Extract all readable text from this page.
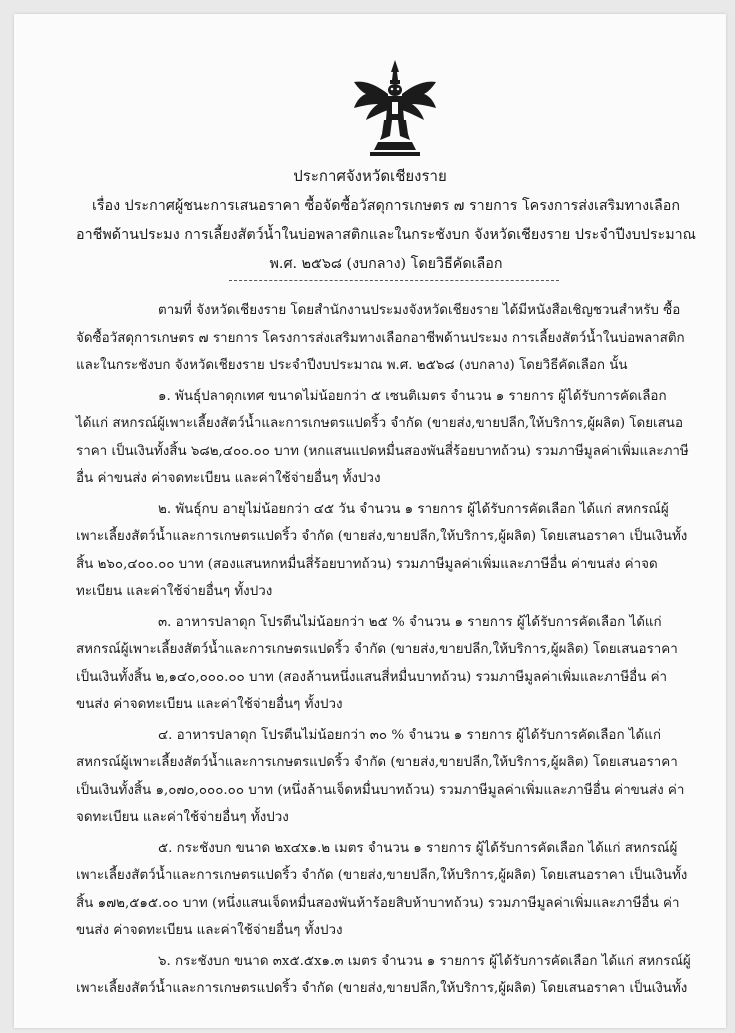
ประกาศจังหวัดเชียงราย
เรื่อง ประกาศผู้ชนะการเสนอราคา ซื้อจัดซื้อวัสดุการเกษตร ๗ รายการ โครงการส่งเสริมทางเลือกอาชีพด้านประมง การเลี้ยงสัตว์น้ำในบ่อพลาสติกและในกระชังบก จังหวัดเชียงราย ประจำปีงบประมาณ พ.ศ. ๒๕๖๘ (งบกลาง) โดยวิธีคัดเลือก

ตามที่ จังหวัดเชียงราย โดยสำนักงานประมงจังหวัดเชียงราย ได้มีหนังสือเชิญชวนสำหรับ ซื้อจัดซื้อวัสดุการเกษตร ๗ รายการ โครงการส่งเสริมทางเลือกอาชีพด้านประมง การเลี้ยงสัตว์น้ำในบ่อพลาสติกและในกระชังบก จังหวัดเชียงราย ประจำปีงบประมาณ พ.ศ. ๒๕๖๘ (งบกลาง) โดยวิธีคัดเลือก นั้น

๑. พันธุ์ปลาดุกเทศ ขนาดไม่น้อยกว่า ๕ เซนติเมตร จำนวน ๑ รายการ ผู้ได้รับการคัดเลือก ได้แก่ สหกรณ์ผู้เพาะเลี้ยงสัตว์น้ำและการเกษตรแปดริ้ว จำกัด (ขายส่ง,ขายปลีก,ให้บริการ,ผู้ผลิต) โดยเสนอราคา เป็นเงินทั้งสิ้น ๖๘๒,๔๐๐.๐๐ บาท (หกแสนแปดหมื่นสองพันสี่ร้อยบาทถ้วน) รวมภาษีมูลค่าเพิ่มและภาษีอื่น ค่าขนส่ง ค่าจดทะเบียน และค่าใช้จ่ายอื่นๆ ทั้งปวง

๒. พันธุ์กบ อายุไม่น้อยกว่า ๔๕ วัน จำนวน ๑ รายการ ผู้ได้รับการคัดเลือก ได้แก่ สหกรณ์ผู้เพาะเลี้ยงสัตว์น้ำและการเกษตรแปดริ้ว จำกัด (ขายส่ง,ขายปลีก,ให้บริการ,ผู้ผลิต) โดยเสนอราคา เป็นเงินทั้งสิ้น ๒๖๐,๔๐๐.๐๐ บาท (สองแสนหกหมื่นสี่ร้อยบาทถ้วน) รวมภาษีมูลค่าเพิ่มและภาษีอื่น ค่าขนส่ง ค่าจดทะเบียน และค่าใช้จ่ายอื่นๆ ทั้งปวง

๓. อาหารปลาดุก โปรตีนไม่น้อยกว่า ๒๕ % จำนวน ๑ รายการ ผู้ได้รับการคัดเลือก ได้แก่ สหกรณ์ผู้เพาะเลี้ยงสัตว์น้ำและการเกษตรแปดริ้ว จำกัด (ขายส่ง,ขายปลีก,ให้บริการ,ผู้ผลิต) โดยเสนอราคา เป็นเงินทั้งสิ้น ๒,๑๔๐,๐๐๐.๐๐ บาท (สองล้านหนึ่งแสนสี่หมื่นบาทถ้วน) รวมภาษีมูลค่าเพิ่มและภาษีอื่น ค่าขนส่ง ค่าจดทะเบียน และค่าใช้จ่ายอื่นๆ ทั้งปวง

๔. อาหารปลาดุก โปรตีนไม่น้อยกว่า ๓๐ % จำนวน ๑ รายการ ผู้ได้รับการคัดเลือก ได้แก่ สหกรณ์ผู้เพาะเลี้ยงสัตว์น้ำและการเกษตรแปดริ้ว จำกัด (ขายส่ง,ขายปลีก,ให้บริการ,ผู้ผลิต) โดยเสนอราคา เป็นเงินทั้งสิ้น ๑,๐๗๐,๐๐๐.๐๐ บาท (หนึ่งล้านเจ็ดหมื่นบาทถ้วน) รวมภาษีมูลค่าเพิ่มและภาษีอื่น ค่าขนส่ง ค่าจดทะเบียน และค่าใช้จ่ายอื่นๆ ทั้งปวง

๕. กระชังบก ขนาด ๒x๔x๑.๒ เมตร จำนวน ๑ รายการ ผู้ได้รับการคัดเลือก ได้แก่ สหกรณ์ผู้เพาะเลี้ยงสัตว์น้ำและการเกษตรแปดริ้ว จำกัด (ขายส่ง,ขายปลีก,ให้บริการ,ผู้ผลิต) โดยเสนอราคา เป็นเงินทั้งสิ้น ๑๗๒,๕๑๕.๐๐ บาท (หนึ่งแสนเจ็ดหมื่นสองพันห้าร้อยสิบห้าบาทถ้วน) รวมภาษีมูลค่าเพิ่มและภาษีอื่น ค่าขนส่ง ค่าจดทะเบียน และค่าใช้จ่ายอื่นๆ ทั้งปวง

๖. กระชังบก ขนาด ๓x๕.๕x๑.๓ เมตร จำนวน ๑ รายการ ผู้ได้รับการคัดเลือก ได้แก่ สหกรณ์ผู้เพาะเลี้ยงสัตว์น้ำและการเกษตรแปดริ้ว จำกัด (ขายส่ง,ขายปลีก,ให้บริการ,ผู้ผลิต) โดยเสนอราคา เป็นเงินทั้ง
